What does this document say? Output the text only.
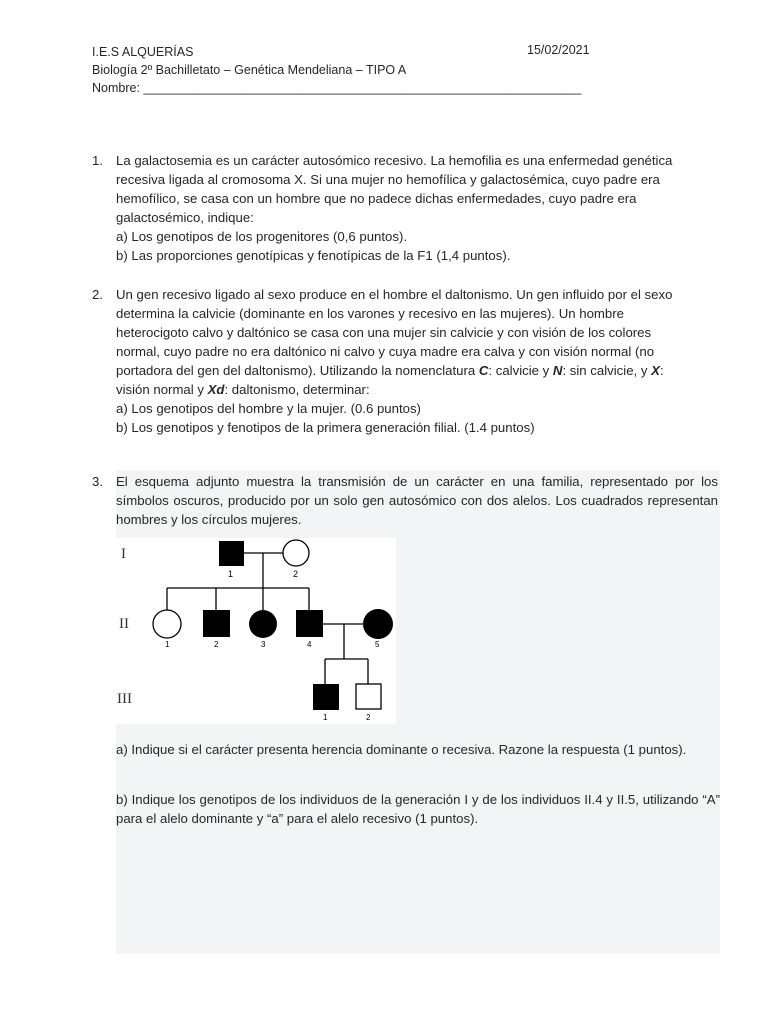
I.E.S ALQUERÍAS	15/02/2021
Biología 2º Bachilletato – Genética Mendeliana – TIPO A
Nombre: _______________________________________________________________
1. La galactosemia es un carácter autosómico recesivo. La hemofilia es una enfermedad genética

recesiva ligada al cromosoma X. Si una mujer no hemofílica y galactosémica, cuyo padre era

hemofílico, se casa con un hombre que no padece dichas enfermedades, cuyo padre era

galactosémico, indique:

a) Los genotipos de los progenitores (0,6 puntos).

b) Las proporciones genotípicas y fenotípicas de la F1 (1,4 puntos).

2. Un gen recesivo ligado al sexo produce en el hombre el daltonismo. Un gen influido por el sexo

determina la calvicie (dominante en los varones y recesivo en las mujeres). Un hombre

heterocigoto calvo y daltónico se casa con una mujer sin calvicie y con visión de los colores

normal, cuyo padre no era daltónico ni calvo y cuya madre era calva y con visión normal (no

portadora del gen del daltonismo). Utilizando la nomenclatura C: calvicie y N: sin calvicie, y X:

visión normal y Xd: daltonismo, determinar:

a) Los genotipos del hombre y la mujer. (0.6 puntos)

b) Los genotipos y fenotipos de la primera generación filial. (1.4 puntos)

3. El esquema adjunto muestra la transmisión de un carácter en una familia, representado por los símbolos oscuros, producido por un solo gen autosómico con dos alelos. Los cuadrados representan hombres y los círculos mujeres.

I
II
III
1	2
1	2	3	4	5
1	2

a) Indique si el carácter presenta herencia dominante o recesiva. Razone la respuesta (1 puntos).

b) Indique los genotipos de los individuos de la generación I y de los individuos II.4 y II.5, utilizando “A” para el alelo dominante y “a” para el alelo recesivo (1 puntos).
